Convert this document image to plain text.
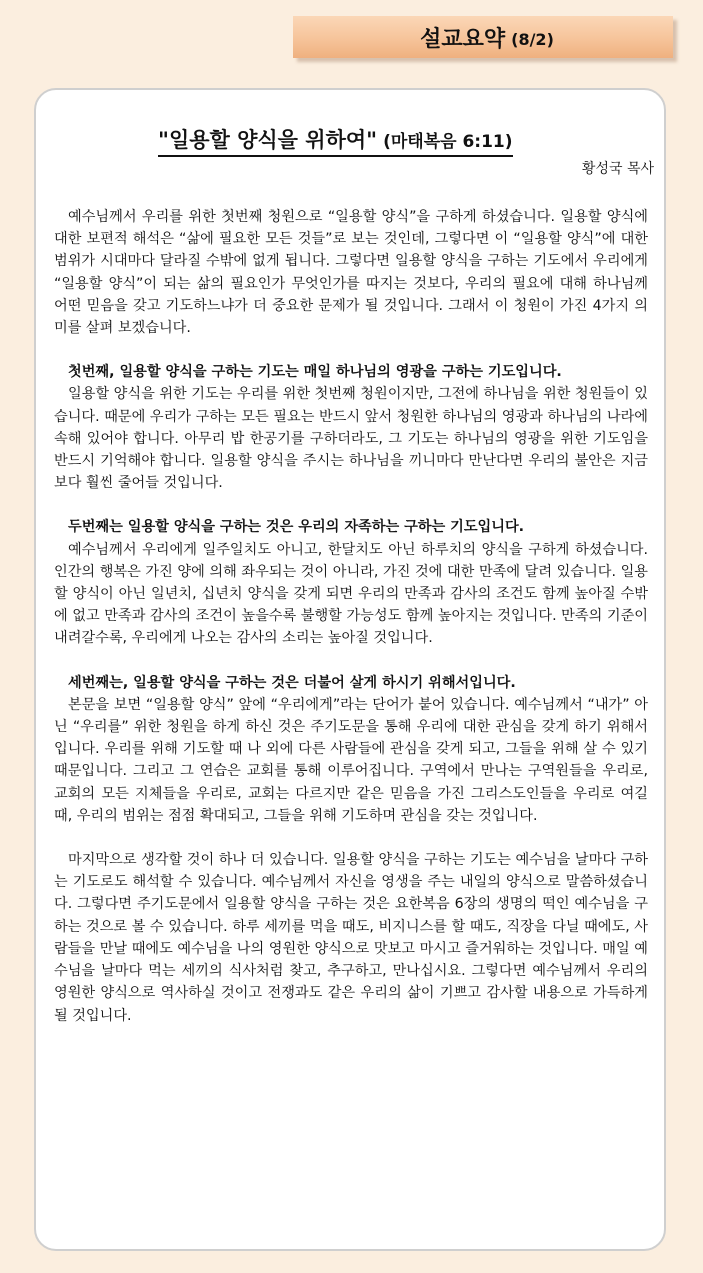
설교요약 (8/2)
"일용할 양식을 위하여" (마태복음 6:11)
황성국 목사

예수님께서 우리를 위한 첫번째 청원으로 “일용할 양식”을 구하게 하셨습니다. 일용할 양식에 대한 보편적 해석은 “삶에 필요한 모든 것들”로 보는 것인데, 그렇다면 이 “일용할 양식”에 대한 범위가 시대마다 달라질 수밖에 없게 됩니다. 그렇다면 일용할 양식을 구하는 기도에서 우리에게 “일용할 양식”이 되는 삶의 필요인가 무엇인가를 따지는 것보다, 우리의 필요에 대해 하나님께 어떤 믿음을 갖고 기도하느냐가 더 중요한 문제가 될 것입니다. 그래서 이 청원이 가진 4가지 의미를 살펴 보겠습니다.

첫번째, 일용할 양식을 구하는 기도는 매일 하나님의 영광을 구하는 기도입니다.

일용할 양식을 위한 기도는 우리를 위한 첫번째 청원이지만, 그전에 하나님을 위한 청원들이 있습니다. 때문에 우리가 구하는 모든 필요는 반드시 앞서 청원한 하나님의 영광과 하나님의 나라에 속해 있어야 합니다. 아무리 밥 한공기를 구하더라도, 그 기도는 하나님의 영광을 위한 기도임을 반드시 기억해야 합니다. 일용할 양식을 주시는 하나님을 끼니마다 만난다면 우리의 불안은 지금보다 훨씬 줄어들 것입니다.

두번째는 일용할 양식을 구하는 것은 우리의 자족하는 구하는 기도입니다.

예수님께서 우리에게 일주일치도 아니고, 한달치도 아닌 하루치의 양식을 구하게 하셨습니다. 인간의 행복은 가진 양에 의해 좌우되는 것이 아니라, 가진 것에 대한 만족에 달려 있습니다. 일용할 양식이 아닌 일년치, 십년치 양식을 갖게 되면 우리의 만족과 감사의 조건도 함께 높아질 수밖에 없고 만족과 감사의 조건이 높을수록 불행할 가능성도 함께 높아지는 것입니다. 만족의 기준이 내려갈수록, 우리에게 나오는 감사의 소리는 높아질 것입니다.

세번째는, 일용할 양식을 구하는 것은 더불어 살게 하시기 위해서입니다.

본문을 보면 “일용할 양식” 앞에 “우리에게”라는 단어가 붙어 있습니다. 예수님께서 “내가” 아닌 “우리를” 위한 청원을 하게 하신 것은 주기도문을 통해 우리에 대한 관심을 갖게 하기 위해서입니다. 우리를 위해 기도할 때 나 외에 다른 사람들에 관심을 갖게 되고, 그들을 위해 살 수 있기 때문입니다. 그리고 그 연습은 교회를 통해 이루어집니다. 구역에서 만나는 구역원들을 우리로, 교회의 모든 지체들을 우리로, 교회는 다르지만 같은 믿음을 가진 그리스도인들을 우리로 여길 때, 우리의 범위는 점점 확대되고, 그들을 위해 기도하며 관심을 갖는 것입니다.

마지막으로 생각할 것이 하나 더 있습니다. 일용할 양식을 구하는 기도는 예수님을 날마다 구하는 기도로도 해석할 수 있습니다. 예수님께서 자신을 영생을 주는 내일의 양식으로 말씀하셨습니다. 그렇다면 주기도문에서 일용할 양식을 구하는 것은 요한복음 6장의 생명의 떡인 예수님을 구하는 것으로 볼 수 있습니다. 하루 세끼를 먹을 때도, 비지니스를 할 때도, 직장을 다닐 때에도, 사람들을 만날 때에도 예수님을 나의 영원한 양식으로 맛보고 마시고 즐거워하는 것입니다. 매일 예수님을 날마다 먹는 세끼의 식사처럼 찾고, 추구하고, 만나십시요. 그렇다면 예수님께서 우리의 영원한 양식으로 역사하실 것이고 전쟁과도 같은 우리의 삶이 기쁘고 감사할 내용으로 가득하게 될 것입니다.
